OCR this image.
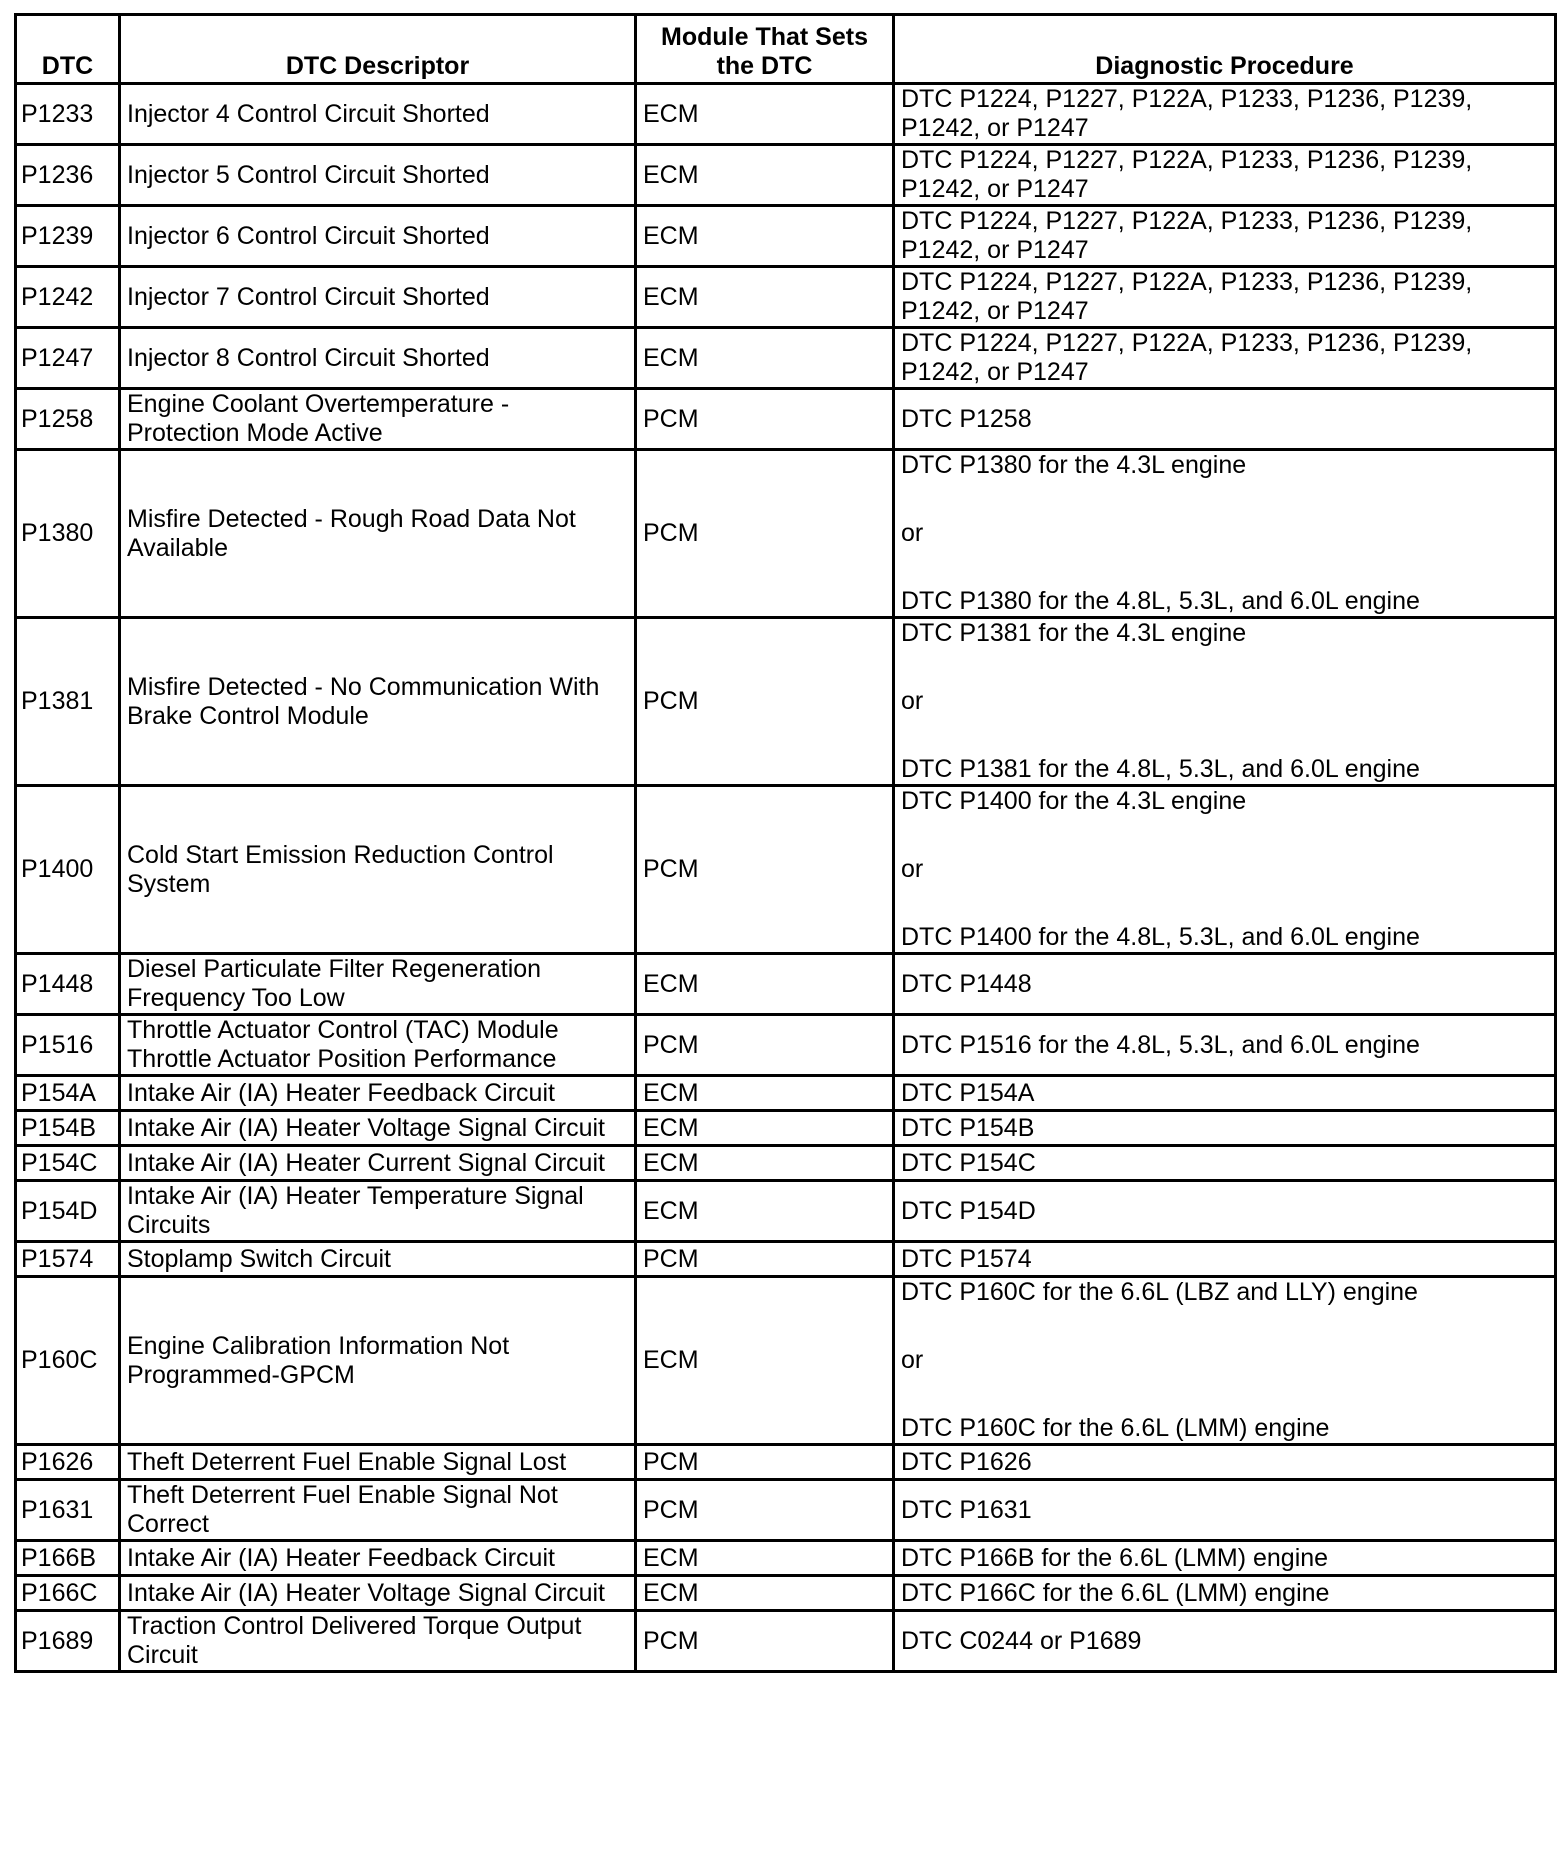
DTC	DTC Descriptor	Module That Sets the DTC	Diagnostic Procedure
P1233	Injector 4 Control Circuit Shorted	ECM	DTC P1224, P1227, P122A, P1233, P1236, P1239, P1242, or P1247

P1236	Injector 5 Control Circuit Shorted	ECM	DTC P1224, P1227, P122A, P1233, P1236, P1239, P1242, or P1247

P1239	Injector 6 Control Circuit Shorted	ECM	DTC P1224, P1227, P122A, P1233, P1236, P1239, P1242, or P1247

P1242	Injector 7 Control Circuit Shorted	ECM	DTC P1224, P1227, P122A, P1233, P1236, P1239, P1242, or P1247

P1247	Injector 8 Control Circuit Shorted	ECM	DTC P1224, P1227, P122A, P1233, P1236, P1239, P1242, or P1247

P1258	Engine Coolant Overtemperature - Protection Mode Active	PCM	DTC P1258

P1380	Misfire Detected - Rough Road Data Not Available	PCM	DTC P1380 for the 4.3L engine
or
DTC P1380 for the 4.8L, 5.3L, and 6.0L engine

P1381	Misfire Detected - No Communication With Brake Control Module	PCM	DTC P1381 for the 4.3L engine
or
DTC P1381 for the 4.8L, 5.3L, and 6.0L engine

P1400	Cold Start Emission Reduction Control System	PCM	DTC P1400 for the 4.3L engine
or
DTC P1400 for the 4.8L, 5.3L, and 6.0L engine

P1448	Diesel Particulate Filter Regeneration Frequency Too Low	ECM	DTC P1448

P1516	Throttle Actuator Control (TAC) Module Throttle Actuator Position Performance	PCM	DTC P1516 for the 4.8L, 5.3L, and 6.0L engine

P154A	Intake Air (IA) Heater Feedback Circuit	ECM	DTC P154A

P154B	Intake Air (IA) Heater Voltage Signal Circuit	ECM	DTC P154B

P154C	Intake Air (IA) Heater Current Signal Circuit	ECM	DTC P154C

P154D	Intake Air (IA) Heater Temperature Signal Circuits	ECM	DTC P154D

P1574	Stoplamp Switch Circuit	PCM	DTC P1574

P160C	Engine Calibration Information Not Programmed-GPCM	ECM	DTC P160C for the 6.6L (LBZ and LLY) engine
or
DTC P160C for the 6.6L (LMM) engine

P1626	Theft Deterrent Fuel Enable Signal Lost	PCM	DTC P1626

P1631	Theft Deterrent Fuel Enable Signal Not Correct	PCM	DTC P1631

P166B	Intake Air (IA) Heater Feedback Circuit	ECM	DTC P166B for the 6.6L (LMM) engine

P166C	Intake Air (IA) Heater Voltage Signal Circuit	ECM	DTC P166C for the 6.6L (LMM) engine

P1689	Traction Control Delivered Torque Output Circuit	PCM	DTC C0244 or P1689
